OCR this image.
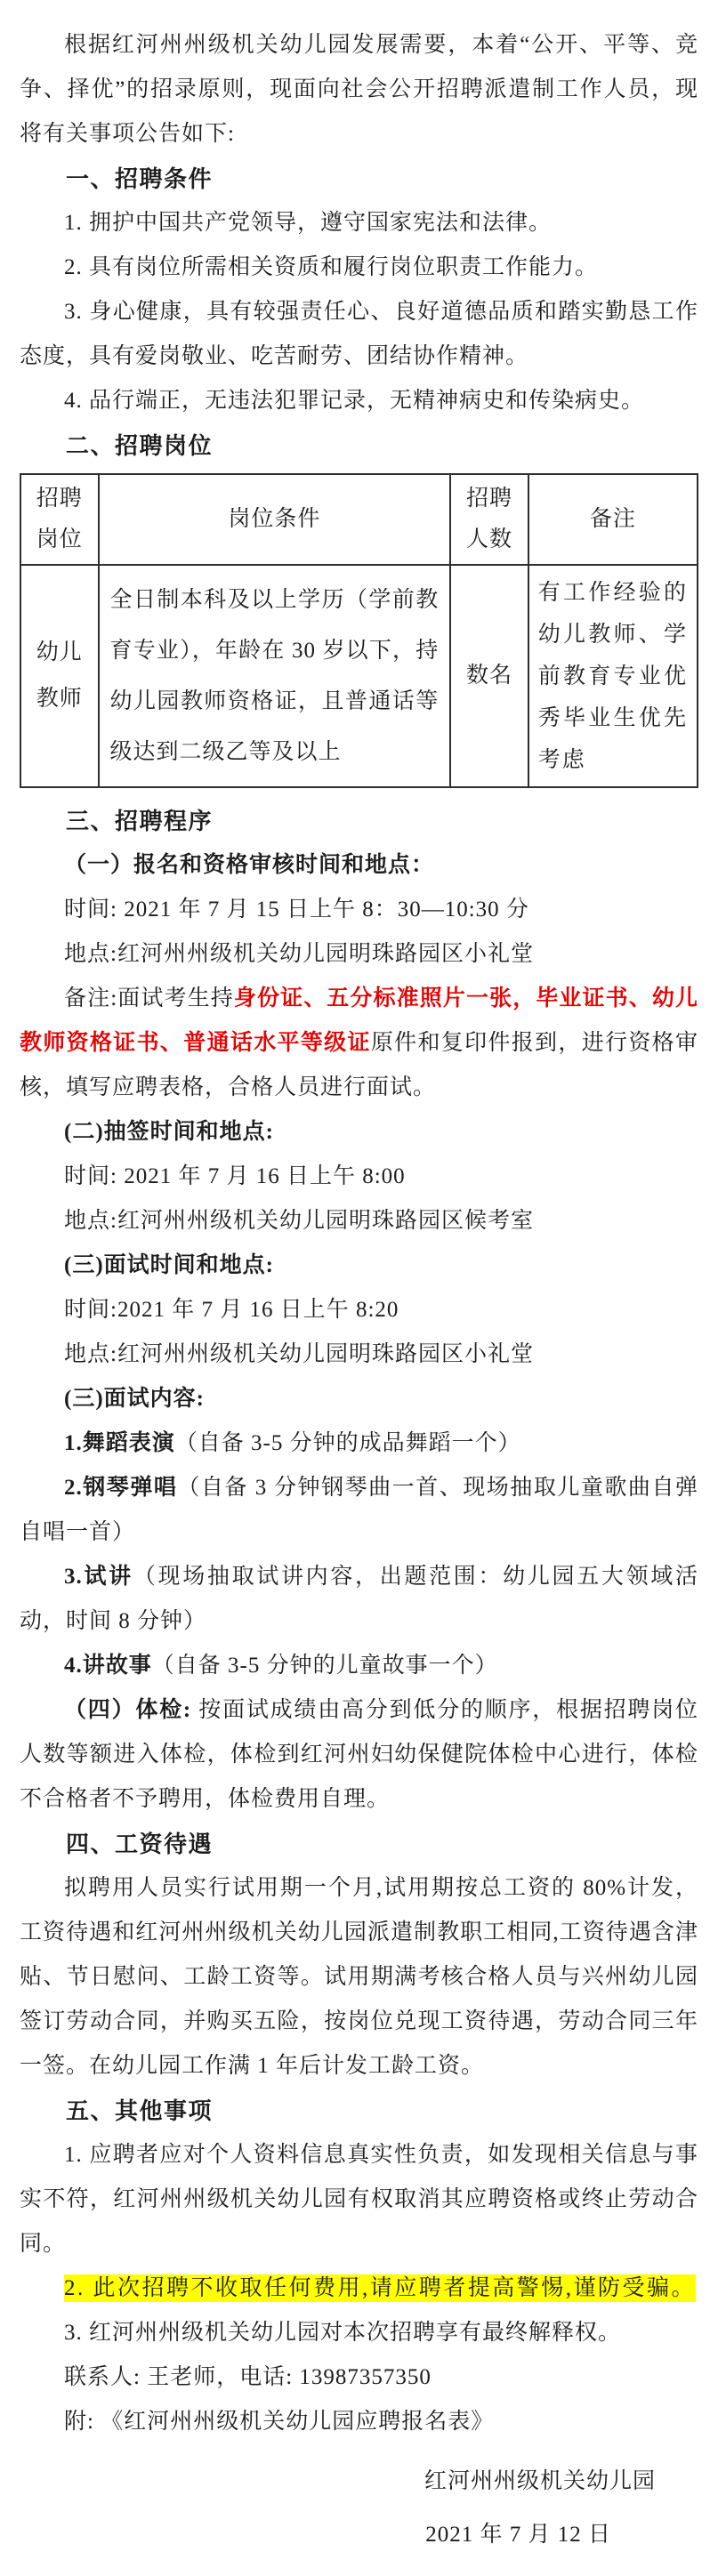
根据红河州州级机关幼儿园发展需要，本着“公开、平等、竞争、择优”的招录原则，现面向社会公开招聘派遣制工作人员，现将有关事项公告如下:

一、招聘条件

1. 拥护中国共产党领导，遵守国家宪法和法律。

2. 具有岗位所需相关资质和履行岗位职责工作能力。

3. 身心健康，具有较强责任心、良好道德品质和踏实勤恳工作态度，具有爱岗敬业、吃苦耐劳、团结协作精神。

4. 品行端正，无违法犯罪记录，无精神病史和传染病史。

二、招聘岗位

招聘岗位	岗位条件	招聘人数	备注
幼儿教师	全日制本科及以上学历（学前教育专业），年龄在 30 岁以下，持幼儿园教师资格证，且普通话等级达到二级乙等及以上	数名	有工作经验的幼儿教师、学前教育专业优秀毕业生优先考虑

三、招聘程序

（一）报名和资格审核时间和地点：

时间: 2021 年 7 月 15 日上午 8：30—10:30 分

地点:红河州州级机关幼儿园明珠路园区小礼堂

备注:面试考生持身份证、五分标准照片一张，毕业证书、幼儿教师资格证书、普通话水平等级证原件和复印件报到，进行资格审核，填写应聘表格，合格人员进行面试。

(二)抽签时间和地点:

时间: 2021 年 7 月 16 日上午 8:00

地点:红河州州级机关幼儿园明珠路园区候考室

(三)面试时间和地点:

时间:2021 年 7 月 16 日上午 8:20

地点:红河州州级机关幼儿园明珠路园区小礼堂

(三)面试内容:

1.舞蹈表演（自备 3-5 分钟的成品舞蹈一个）

2.钢琴弹唱（自备 3 分钟钢琴曲一首、现场抽取儿童歌曲自弹自唱一首）

3.试讲（现场抽取试讲内容，出题范围：幼儿园五大领域活动，时间 8 分钟）

4.讲故事（自备 3-5 分钟的儿童故事一个）

（四）体检: 按面试成绩由高分到低分的顺序，根据招聘岗位人数等额进入体检，体检到红河州妇幼保健院体检中心进行，体检不合格者不予聘用，体检费用自理。

四、工资待遇

拟聘用人员实行试用期一个月,试用期按总工资的 80%计发，工资待遇和红河州州级机关幼儿园派遣制教职工相同,工资待遇含津贴、节日慰问、工龄工资等。试用期满考核合格人员与兴州幼儿园签订劳动合同，并购买五险，按岗位兑现工资待遇，劳动合同三年一签。在幼儿园工作满 1 年后计发工龄工资。

五、其他事项

1. 应聘者应对个人资料信息真实性负责，如发现相关信息与事实不符，红河州州级机关幼儿园有权取消其应聘资格或终止劳动合同。

2. 此次招聘不收取任何费用,请应聘者提高警惕,谨防受骗。

3. 红河州州级机关幼儿园对本次招聘享有最终解释权。

联系人: 王老师，电话: 13987357350

附: 《红河州州级机关幼儿园应聘报名表》

红河州州级机关幼儿园
2021 年 7 月 12 日
